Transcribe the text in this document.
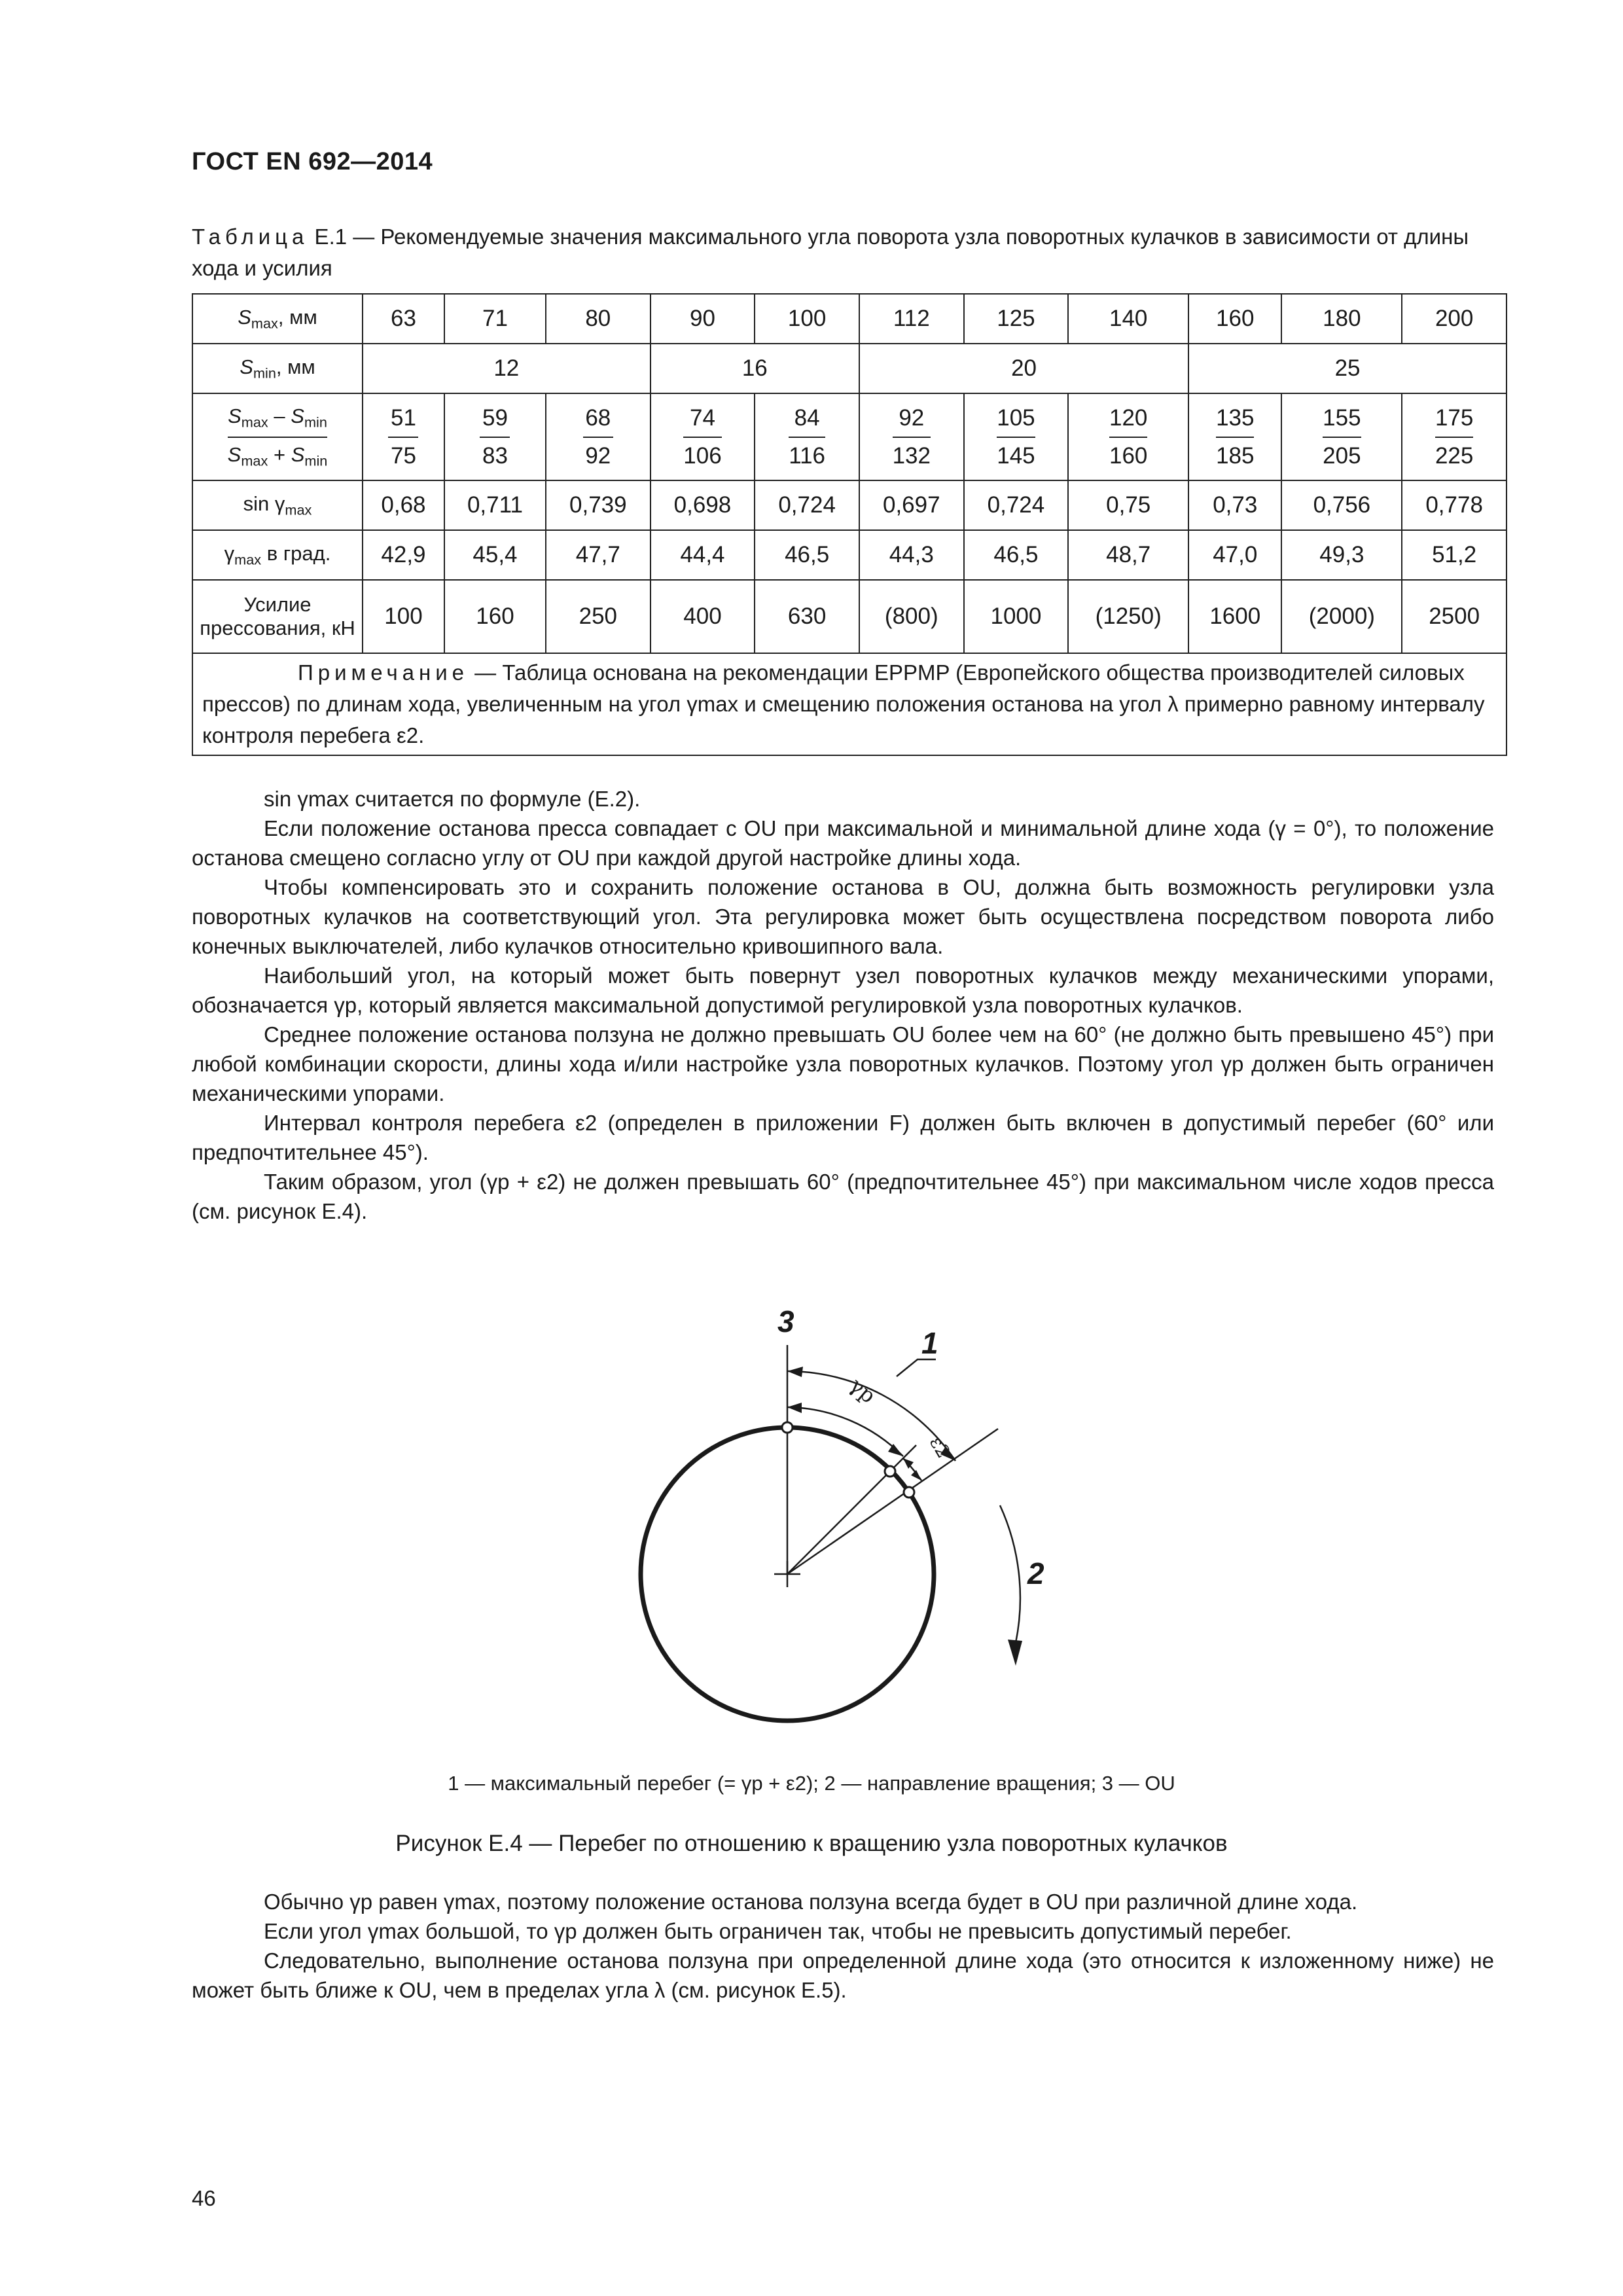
ГОСТ EN 692—2014
Таблица Е.1 — Рекомендуемые значения максимального угла поворота узла поворотных кулачков в зависимости от длины хода и усилия
$S_{max}$, мм	63	71	80	90	100	112	125	140	160	180	200
$S_{min}$, мм	12			16		20			25		

$\frac{S_{max} - S_{min}}{S_{max} + S_{min}}$	$\frac{51}{75}$	$\frac{59}{83}$	$\frac{68}{92}$	$\frac{74}{106}$	$\frac{84}{116}$	$\frac{92}{132}$	$\frac{105}{145}$	$\frac{120}{160}$	$\frac{135}{185}$	$\frac{155}{205}$	$\frac{175}{225}$

$\sin \gamma_{max}$	0,68	0,711	0,739	0,698	0,724	0,697	0,724	0,75	0,73	0,756	0,778
$\gamma_{max}$ в град.	42,9	45,4	47,7	44,4	46,5	44,3	46,5	48,7	47,0	49,3	51,2
Усилие прессования, кН	100	160	250	400	630	(800)	1000	(1250)	1600	(2000)	2500
Примечание — Таблица основана на рекомендации EPPMP (Европейского общества производителей силовых прессов) по длинам хода, увеличенным на угол γmax и смещению положения останова на угол λ примерно равному интервалу контроля перебега ε2.											
sin γmax считается по формуле (Е.2).
Если положение останова пресса совпадает с OU при максимальной и минимальной длине хода (γ = 0°), то положение останова смещено согласно углу от OU при каждой другой настройке длины хода.
Чтобы компенсировать это и сохранить положение останова в OU, должна быть возможность регулировки узла поворотных кулачков на соответствующий угол. Эта регулировка может быть осуществлена посредством поворота либо конечных выключателей, либо кулачков относительно кривошипного вала.
Наибольший угол, на который может быть повернут узел поворотных кулачков между механическими упорами, обозначается γp, который является максимальной допустимой регулировкой узла поворотных кулачков.
Среднее положение останова ползуна не должно превышать OU более чем на 60° (не должно быть превышено 45°) при любой комбинации скорости, длины хода и/или настройке узла поворотных кулачков. Поэтому угол γp должен быть ограничен механическими упорами.
Интервал контроля перебега ε2 (определен в приложении F) должен быть включен в допустимый перебег (60° или предпочтительнее 45°).
Таким образом, угол (γp + ε2) не должен превышать 60° (предпочтительнее 45°) при максимальном числе ходов пресса (см. рисунок Е.4).
3
1
2
γp
ε2
1 — максимальный перебег (= γp + ε2); 2 — направление вращения; 3 — OU
Рисунок Е.4 — Перебег по отношению к вращению узла поворотных кулачков
Обычно γp равен γmax, поэтому положение останова ползуна всегда будет в OU при различной длине хода.
Если угол γmax большой, то γp должен быть ограничен так, чтобы не превысить допустимый перебег.
Следовательно, выполнение останова ползуна при определенной длине хода (это относится к изложенному ниже) не может быть ближе к OU, чем в пределах угла λ (см. рисунок Е.5).
46
